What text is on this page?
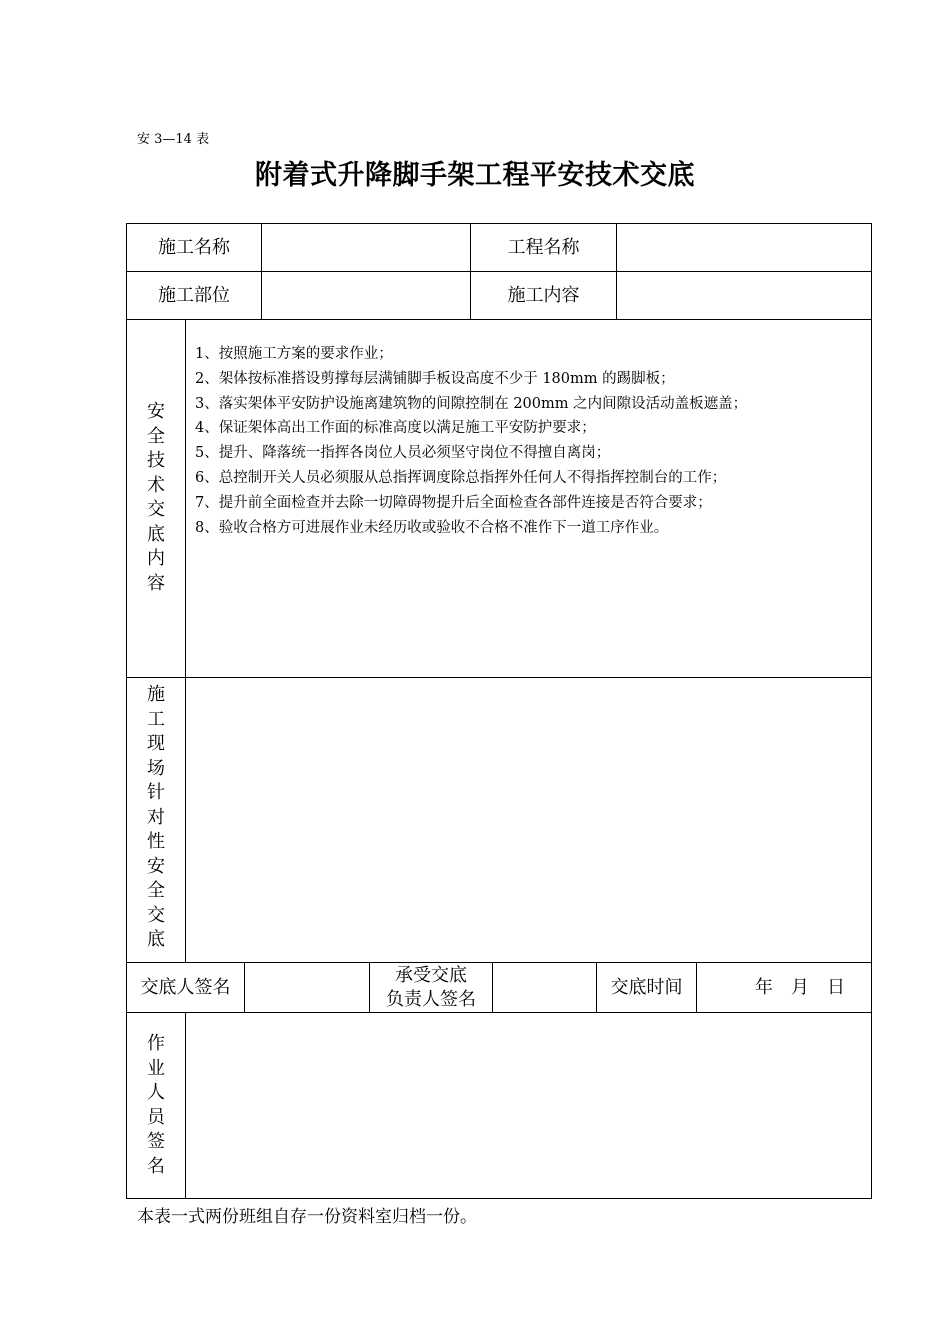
安 3—14 表
附着式升降脚手架工程平安技术交底
施工名称	工程名称
施工部位	施工内容
安
全
技
术
交
底
内
容
1、按照施工方案的要求作业；
2、架体按标准搭设剪撑每层满铺脚手板设高度不少于 180mm 的踢脚板；
3、落实架体平安防护设施离建筑物的间隙控制在 200mm 之内间隙设活动盖板遮盖；
4、保证架体高出工作面的标准高度以满足施工平安防护要求；
5、提升、降落统一指挥各岗位人员必须坚守岗位不得擅自离岗；
6、总控制开关人员必须服从总指挥调度除总指挥外任何人不得指挥控制台的工作；
7、提升前全面检查并去除一切障碍物提升后全面检查各部件连接是否符合要求；
8、验收合格方可进展作业未经历收或验收不合格不准作下一道工序作业。
施
工
现
场
针
对
性
安
全
交
底
交底人签名
承受交底
负责人签名
交底时间	年　月　日
作
业
人
员
签
名
本表一式两份班组自存一份资料室归档一份。
